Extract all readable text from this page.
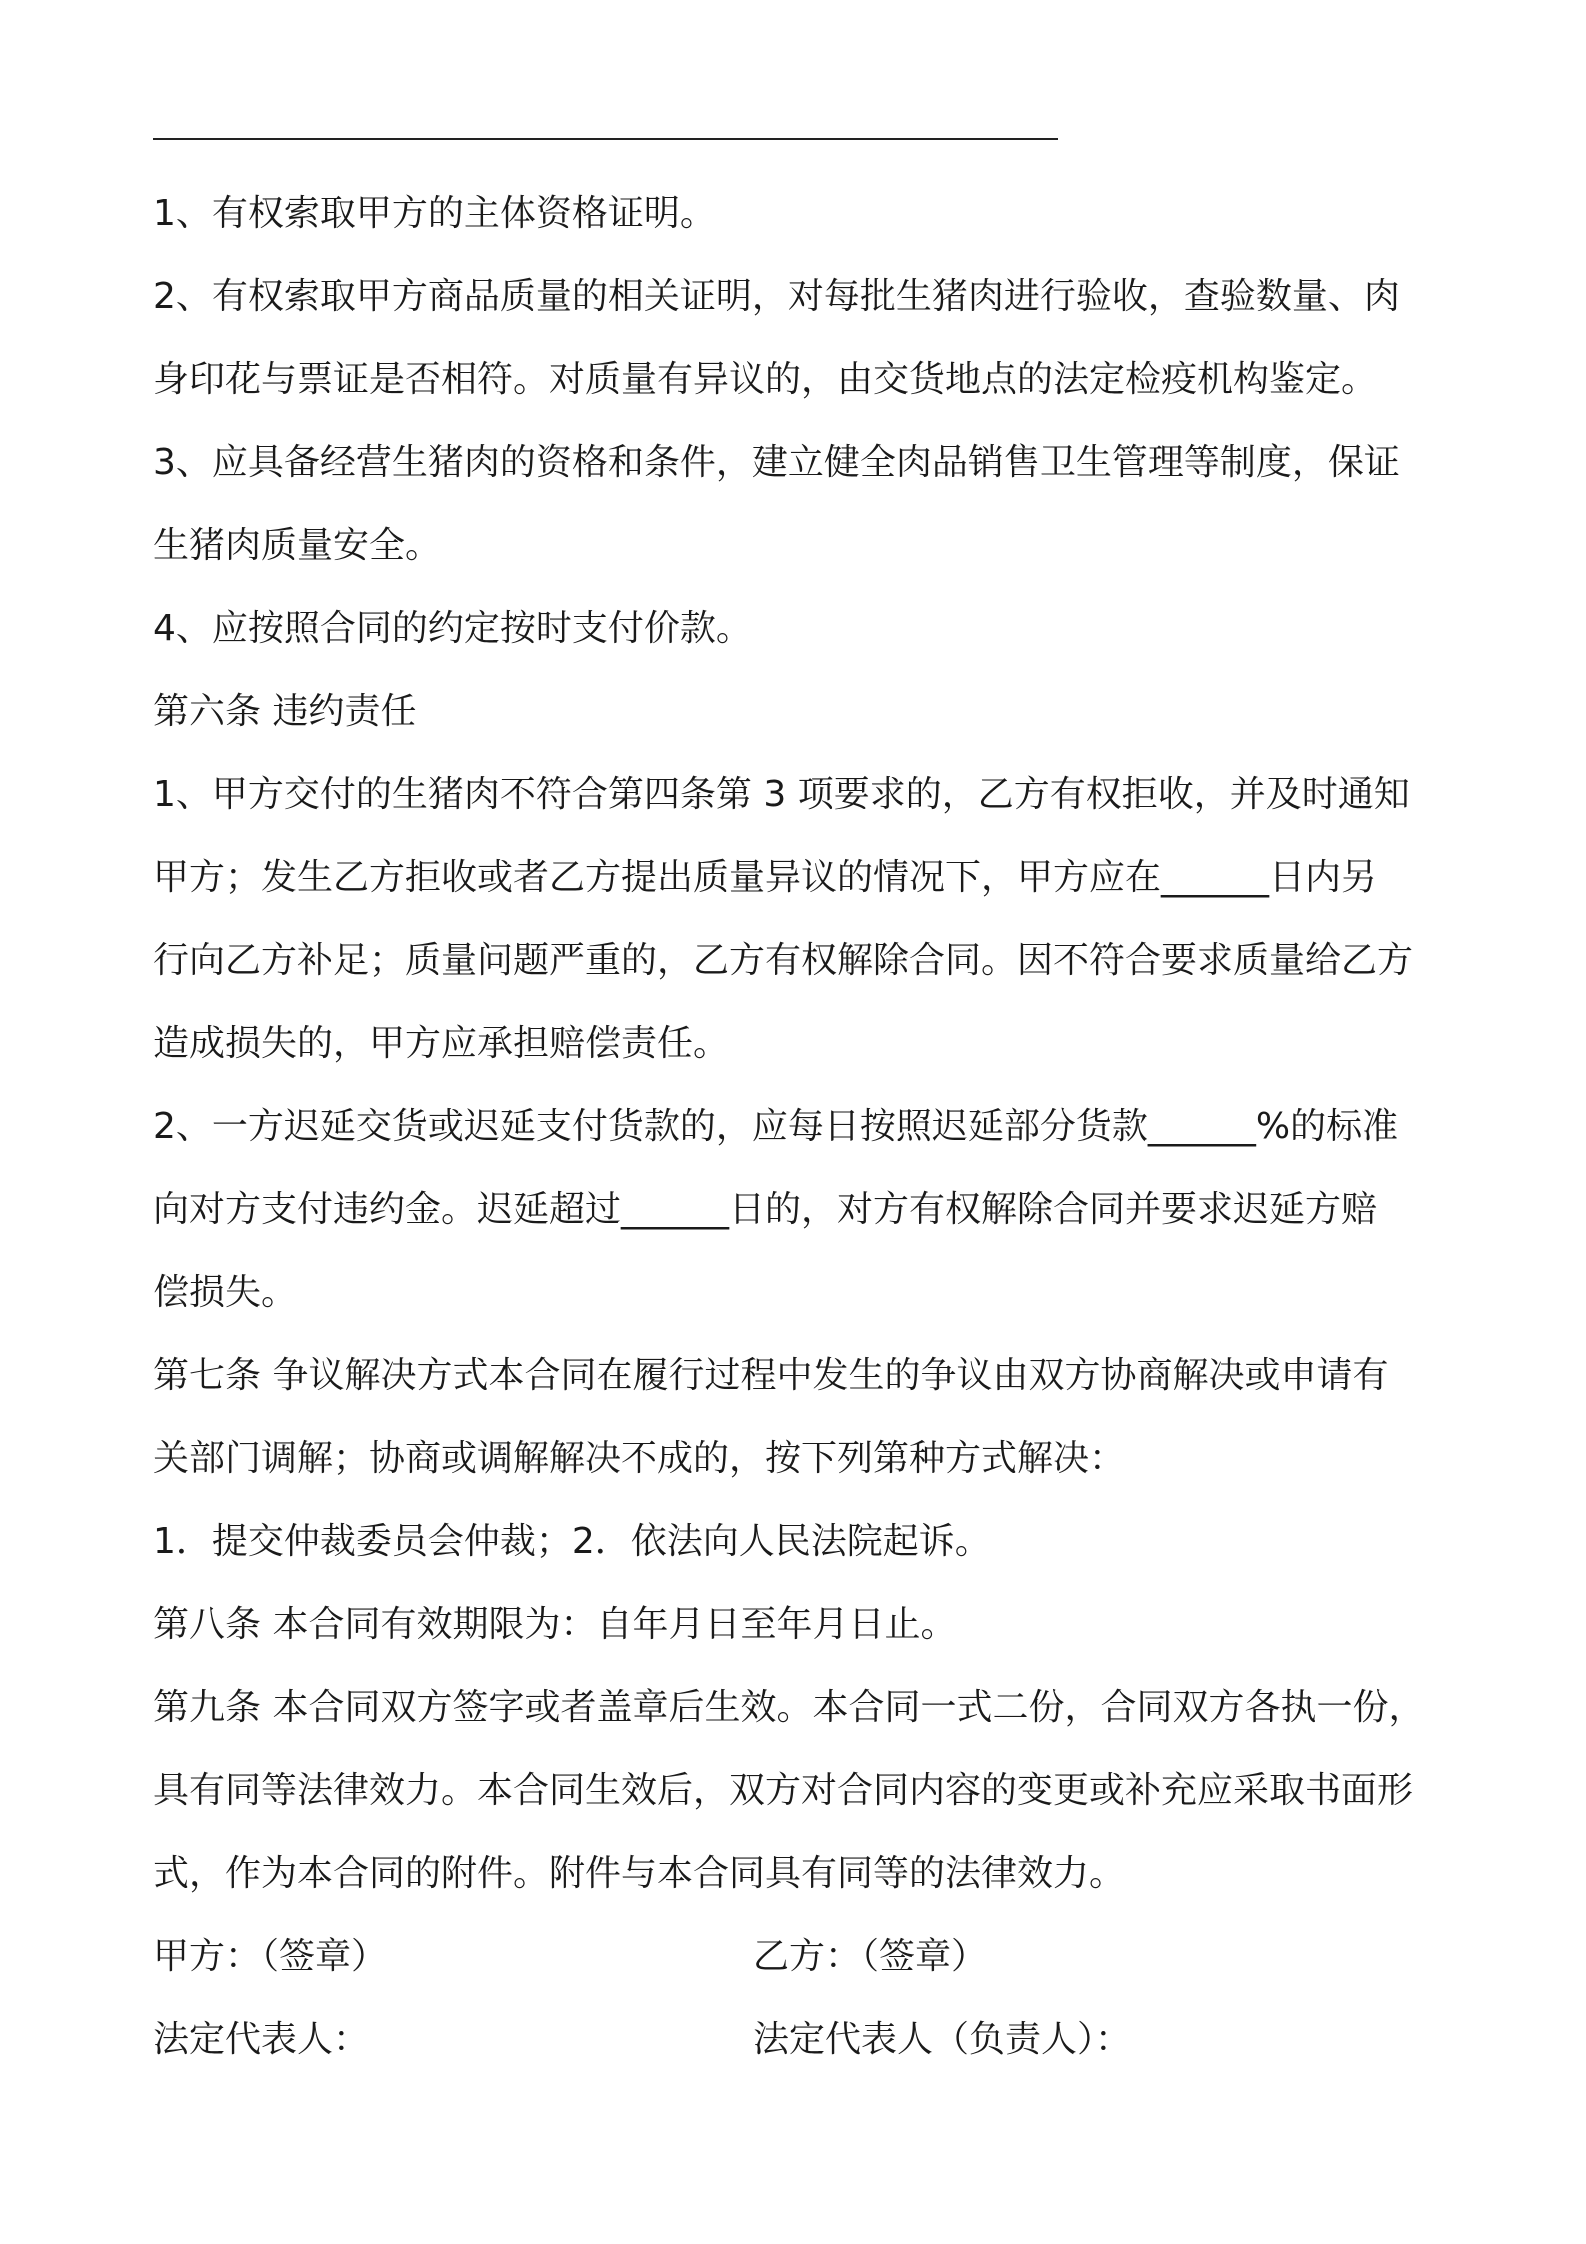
1、有权索取甲方的主体资格证明。
2、有权索取甲方商品质量的相关证明，对每批生猪肉进行验收，查验数量、肉
身印花与票证是否相符。对质量有异议的，由交货地点的法定检疫机构鉴定。
3、应具备经营生猪肉的资格和条件，建立健全肉品销售卫生管理等制度，保证
生猪肉质量安全。
4、应按照合同的约定按时支付价款。
第六条 违约责任
1、甲方交付的生猪肉不符合第四条第 3 项要求的，乙方有权拒收，并及时通知
甲方；发生乙方拒收或者乙方提出质量异议的情况下，甲方应在______日内另
行向乙方补足；质量问题严重的，乙方有权解除合同。因不符合要求质量给乙方
造成损失的，甲方应承担赔偿责任。
2、一方迟延交货或迟延支付货款的，应每日按照迟延部分货款______%的标准
向对方支付违约金。迟延超过______日的，对方有权解除合同并要求迟延方赔
偿损失。
第七条 争议解决方式本合同在履行过程中发生的争议由双方协商解决或申请有
关部门调解；协商或调解解决不成的，按下列第种方式解决：
1．提交仲裁委员会仲裁；2．依法向人民法院起诉。
第八条 本合同有效期限为：自年月日至年月日止。
第九条 本合同双方签字或者盖章后生效。本合同一式二份，合同双方各执一份，
具有同等法律效力。本合同生效后，双方对合同内容的变更或补充应采取书面形
式，作为本合同的附件。附件与本合同具有同等的法律效力。
甲方：（签章）	乙方：（签章）
法定代表人：	法定代表人（负责人）：
